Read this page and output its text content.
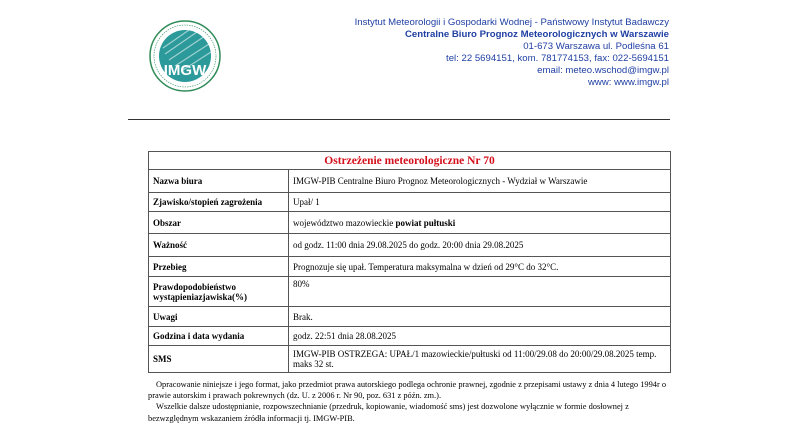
IMGW
Instytut Meteorologii i Gospodarki Wodnej - Państwowy Instytut Badawczy
Centralne Biuro Prognoz Meteorologicznych w Warszawie
01-673 Warszawa ul. Podleśna 61
tel: 22 5694151, kom. 781774153, fax: 022-5694151
email: meteo.wschod@imgw.pl
www: www.imgw.pl
Ostrzeżenie meteorologiczne Nr 70	
Nazwa biura	IMGW-PIB Centralne Biuro Prognoz Meteorologicznych - Wydział w Warszawie
Zjawisko/stopień zagrożenia	Upał/ 1
Obszar	województwo mazowieckie powiat pułtuski
Ważność	od godz. 11:00 dnia 29.08.2025 do godz. 20:00 dnia 29.08.2025
Przebieg	Prognozuje się upał. Temperatura maksymalna w dzień od 29°C do 32°C.
Prawdopodobieństwo wystąpieniazjawiska(%)	80%
Uwagi	Brak.
Godzina i data wydania	godz. 22:51 dnia 28.08.2025
SMS	IMGW-PIB OSTRZEGA: UPAŁ/1 mazowieckie/pułtuski od 11:00/29.08 do 20:00/29.08.2025 temp. maks 32 st.

Opracowanie niniejsze i jego format, jako przedmiot prawa autorskiego podlega ochronie prawnej, zgodnie z przepisami ustawy z dnia 4 lutego 1994r o prawie autorskim i prawach pokrewnych (dz. U. z 2006 r. Nr 90, poz. 631 z późn. zm.).

Wszelkie dalsze udostępnianie, rozpowszechnianie (przedruk, kopiowanie, wiadomość sms) jest dozwolone wyłącznie w formie dosłownej z bezwzględnym wskazaniem źródła informacji tj. IMGW-PIB.
